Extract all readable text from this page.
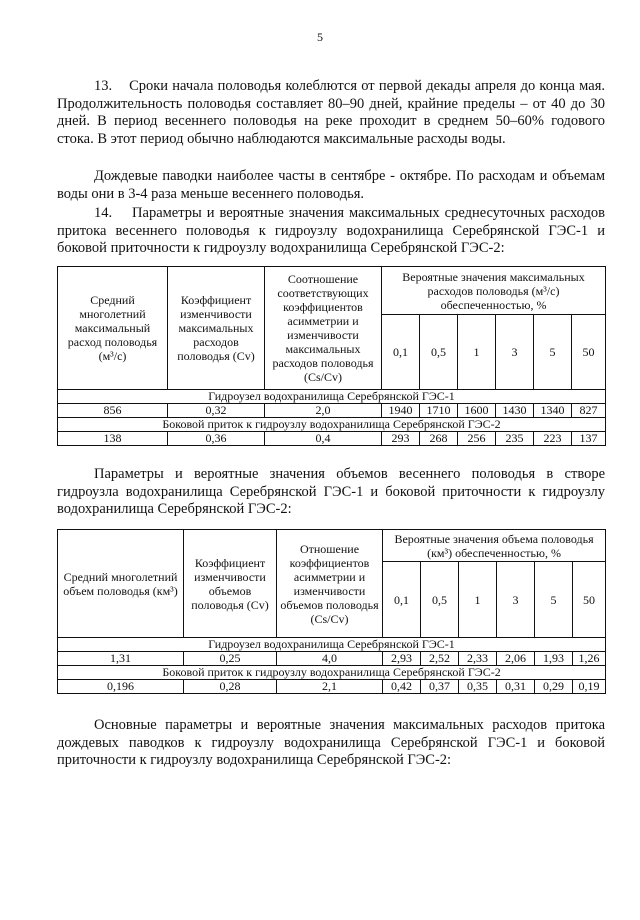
5
13.    Сроки начала половодья колеблются от первой декады апреля до конца мая. Продолжительность половодья составляет 80–90 дней, крайние пределы – от 40 до 30 дней. В период весеннего половодья на реке проходит в среднем 50–60% годового стока. В этот период обычно наблюдаются максимальные расходы воды.
Дождевые паводки наиболее часты в сентябре - октябре. По расходам и объемам воды они в 3-4 раза меньше весеннего половодья.
14.    Параметры и вероятные значения максимальных среднесуточных расходов притока весеннего половодья к гидроузлу водохранилища Серебрянской ГЭС-1 и боковой приточности к гидроузлу водохранилища Серебрянской ГЭС-2:
Средний многолетний максимальный расход половодья (м³/с)	Коэффициент изменчивости максимальных расходов половодья (Cv)	Соотношение соответствующих коэффициентов асимметрии и изменчивости максимальных расходов половодья (Cs/Cv)	Вероятные значения максимальных расходов половодья (м³/с) обеспеченностью, %					
			0,1	0,5	1	3	5	50
Гидроузел водохранилища Серебрянской ГЭС-1								
856	0,32	2,0	1940	1710	1600	1430	1340	827
Боковой приток к гидроузлу водохранилища Серебрянской ГЭС-2								
138	0,36	0,4	293	268	256	235	223	137
Параметры и вероятные значения объемов весеннего половодья в створе гидроузла водохранилища Серебрянской ГЭС-1 и боковой приточности к гидроузлу водохранилища Серебрянской ГЭС-2:
Средний многолетний объем половодья (км³)	Коэффициент изменчивости объемов половодья (Cv)	Отношение коэффициентов асимметрии и изменчивости объемов половодья (Cs/Cv)	Вероятные значения объема половодья (км³) обеспеченностью, %					
			0,1	0,5	1	3	5	50
Гидроузел водохранилища Серебрянской ГЭС-1								
1,31	0,25	4,0	2,93	2,52	2,33	2,06	1,93	1,26
Боковой приток к гидроузлу водохранилища Серебрянской ГЭС-2								
0,196	0,28	2,1	0,42	0,37	0,35	0,31	0,29	0,19
Основные параметры и вероятные значения максимальных расходов притока дождевых паводков к гидроузлу водохранилища Серебрянской ГЭС-1 и боковой приточности к гидроузлу водохранилища Серебрянской ГЭС-2:
